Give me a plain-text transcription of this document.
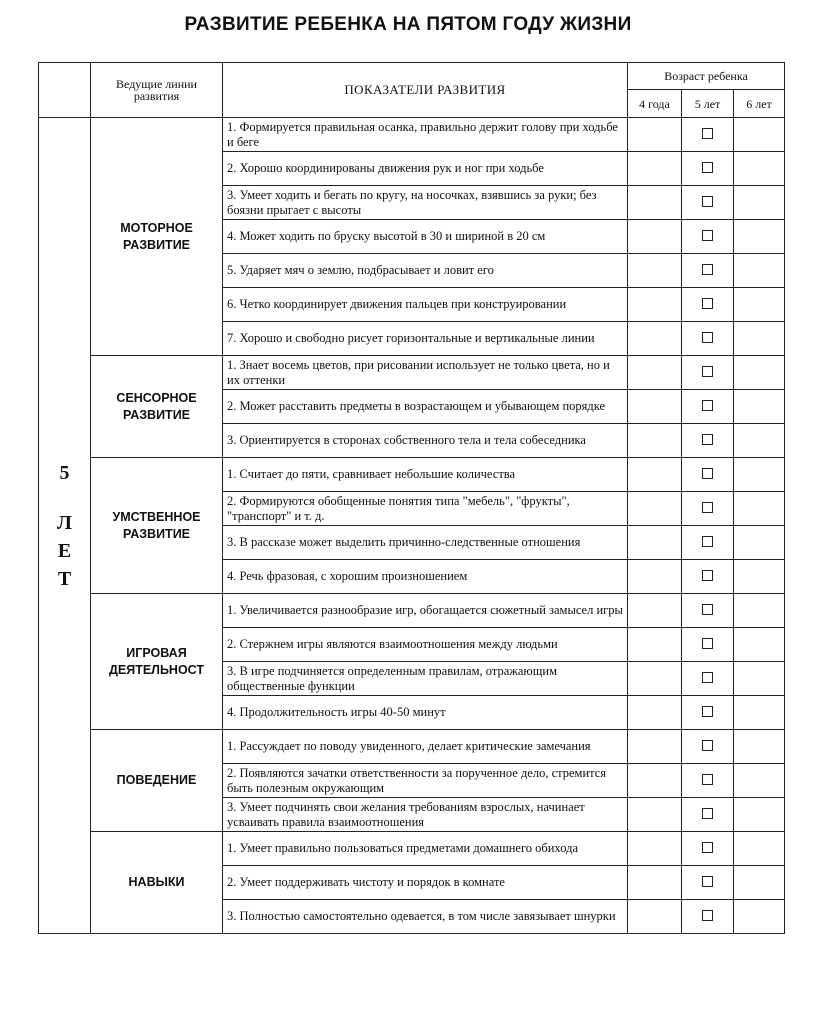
РАЗВИТИЕ РЕБЕНКА НА ПЯТОМ ГОДУ ЖИЗНИ
	Ведущие линии развития	ПОКАЗАТЕЛИ РАЗВИТИЯ	Возраст ребенка		
			4 года	5 лет	6 лет

5
Л
Е
Т	МОТОРНОЕ РАЗВИТИЕ	1. Формируется правильная осанка, правильно держит голову при ходьбе и беге			
		2. Хорошо координированы движения рук и ног при ходьбе			
		3. Умеет ходить и бегать по кругу, на носочках, взявшись за руки; без боязни прыгает с высоты			
		4. Может ходить по бруску высотой в 30 и шириной в 20 см			
		5. Ударяет мяч о землю, подбрасывает и ловит его			
		6. Четко координирует движения пальцев при конструировании			
		7. Хорошо и свободно рисует горизонтальные и вертикальные линии			
	СЕНСОРНОЕ РАЗВИТИЕ	1. Знает восемь цветов, при рисовании использует не только цвета, но и их оттенки			
		2. Может расставить предметы в возрастающем и убывающем порядке			
		3. Ориентируется в сторонах собственного тела и тела собеседника			
	УМСТВЕННОЕ РАЗВИТИЕ	1. Считает до пяти, сравнивает небольшие количества			
		2. Формируются обобщенные понятия типа "мебель", "фрукты", "транспорт" и т. д.			
		3. В рассказе может выделить причинно-следственные отношения			
		4. Речь фразовая, с хорошим произношением			
	ИГРОВАЯ ДЕЯТЕЛЬНОСТ	1. Увеличивается разнообразие игр, обогащается сюжетный замысел игры			
		2. Стержнем игры являются взаимоотношения между людьми			
		3. В игре подчиняется определенным правилам, отражающим общественные функции			
		4. Продолжительность игры 40-50 минут			
	ПОВЕДЕНИЕ	1. Рассуждает по поводу увиденного, делает критические замечания			
		2. Появляются зачатки ответственности за порученное дело, стремится быть полезным окружающим			
		3. Умеет подчинять свои желания требованиям взрослых, начинает усваивать правила взаимоотношения			
	НАВЫКИ	1. Умеет правильно пользоваться предметами домашнего обихода			
		2. Умеет поддерживать чистоту и порядок в комнате			
		3. Полностью самостоятельно одевается, в том числе завязывает шнурки			
